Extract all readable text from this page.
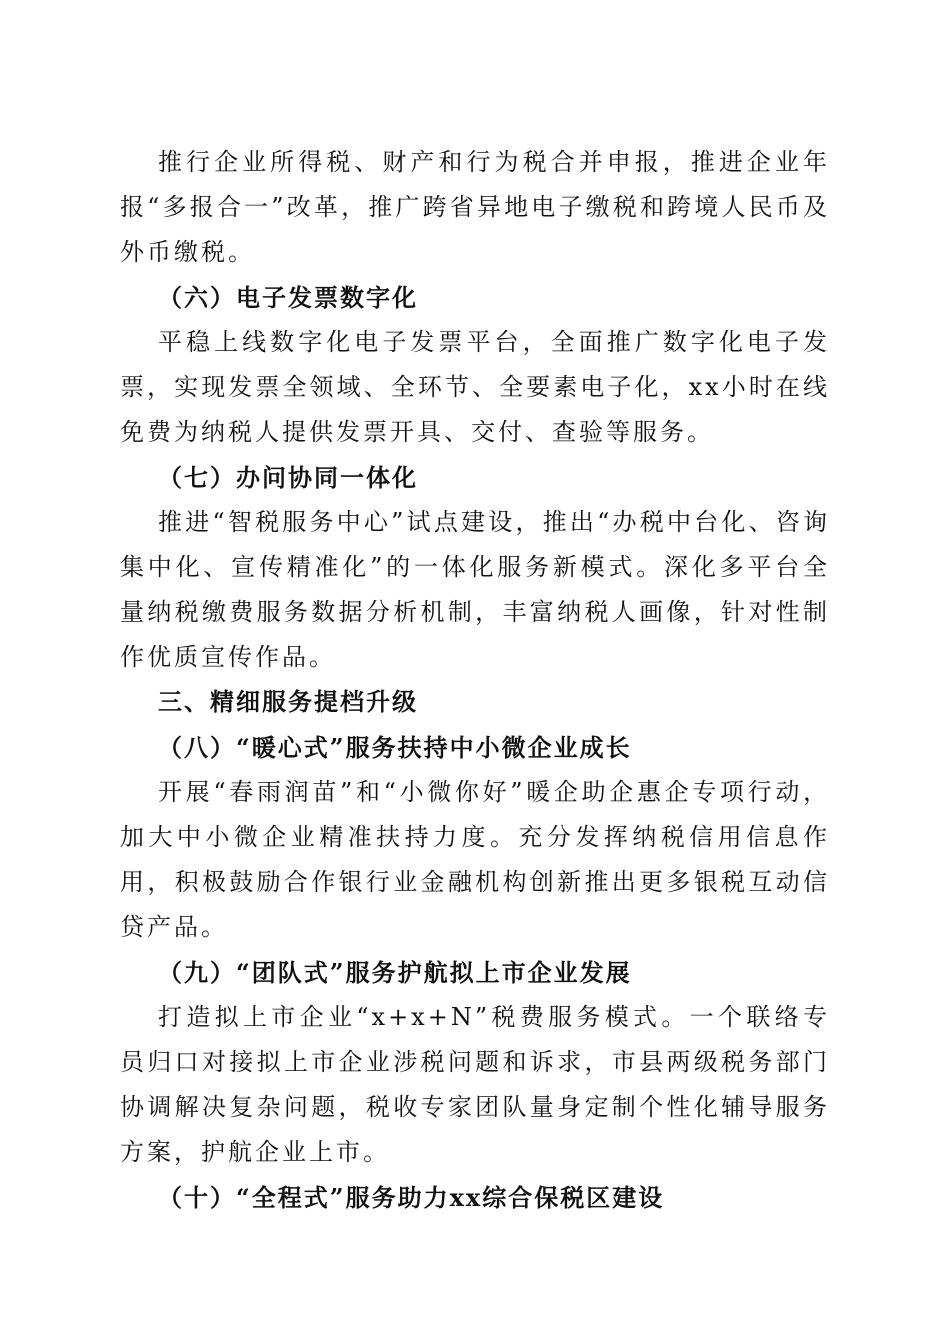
推行企业所得税、财产和行为税合并申报，推进企业年报“多报合一”改革，推广跨省异地电子缴税和跨境人民币及外币缴税。

（六）电子发票数字化

平稳上线数字化电子发票平台，全面推广数字化电子发票，实现发票全领域、全环节、全要素电子化，xx小时在线免费为纳税人提供发票开具、交付、查验等服务。

（七）办问协同一体化

推进“智税服务中心”试点建设，推出“办税中台化、咨询集中化、宣传精准化”的一体化服务新模式。深化多平台全量纳税缴费服务数据分析机制，丰富纳税人画像，针对性制作优质宣传作品。

三、精细服务提档升级

（八）“暖心式”服务扶持中小微企业成长

开展“春雨润苗”和“小微你好”暖企助企惠企专项行动，加大中小微企业精准扶持力度。充分发挥纳税信用信息作用，积极鼓励合作银行业金融机构创新推出更多银税互动信贷产品。

（九）“团队式”服务护航拟上市企业发展

打造拟上市企业“x+x+N”税费服务模式。一个联络专员归口对接拟上市企业涉税问题和诉求，市县两级税务部门协调解决复杂问题，税收专家团队量身定制个性化辅导服务方案，护航企业上市。

（十）“全程式”服务助力xx综合保税区建设
